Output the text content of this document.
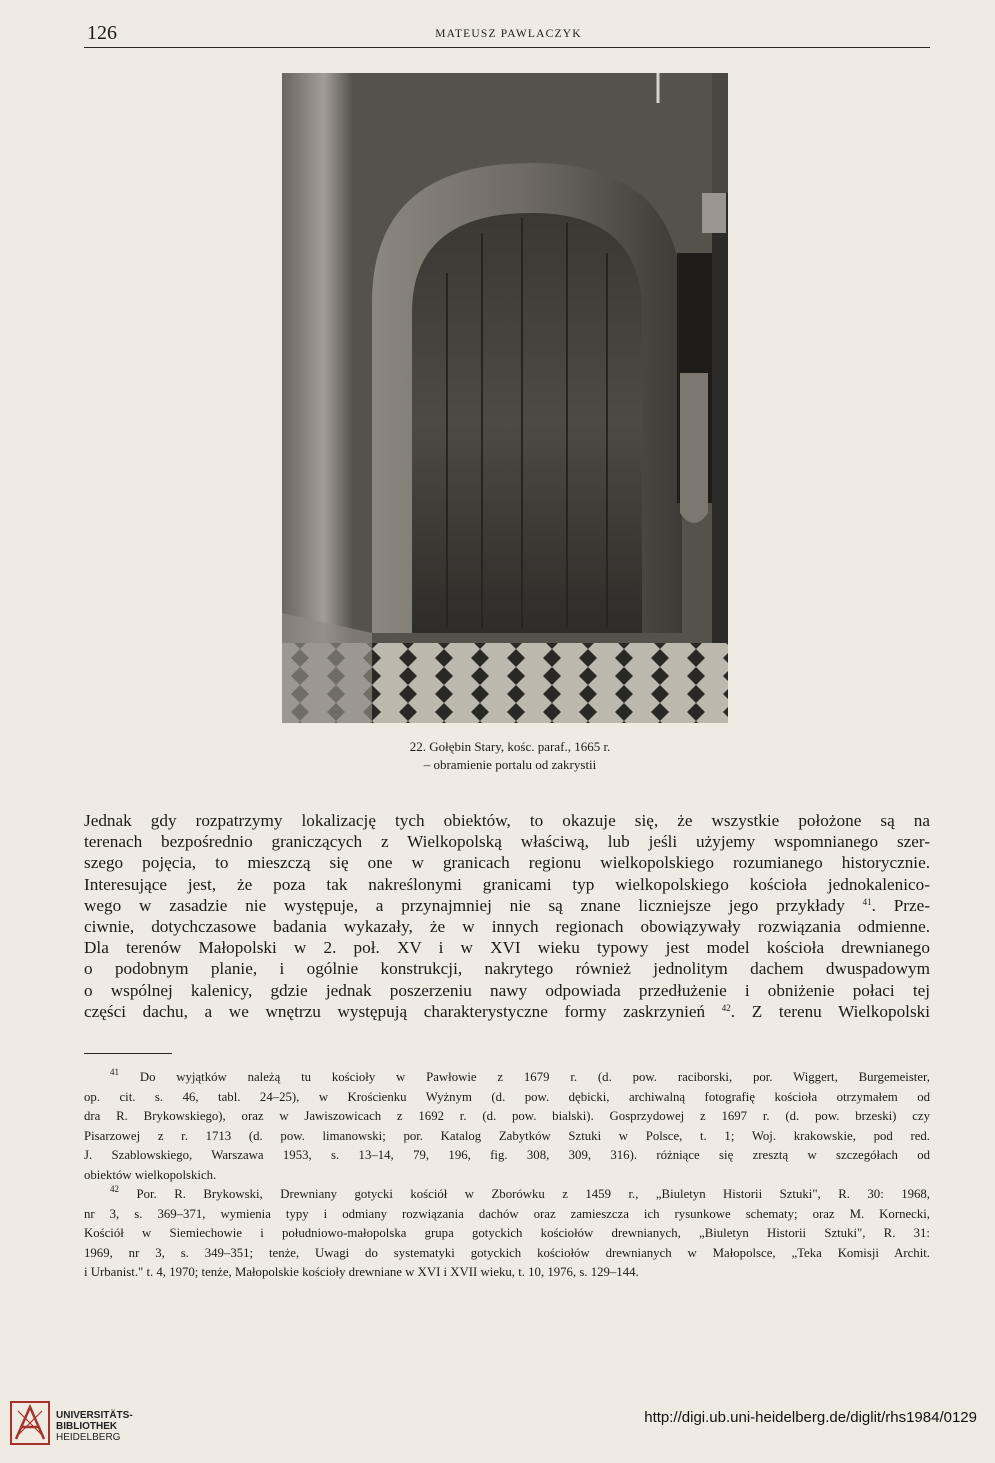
126	MATEUSZ PAWLACZYK
22. Gołębin Stary, kośc. paraf., 1665 r.
– obramienie portalu od zakrystii
Jednak gdy rozpatrzymy lokalizację tych obiektów, to okazuje się, że wszystkie położone są na
terenach bezpośrednio graniczących z Wielkopolską właściwą, lub jeśli użyjemy wspomnianego szer-
szego pojęcia, to mieszczą się one w granicach regionu wielkopolskiego rozumianego historycznie.
Interesujące jest, że poza tak nakreślonymi granicami typ wielkopolskiego kościoła jednokalenico-
wego w zasadzie nie występuje, a przynajmniej nie są znane liczniejsze jego przykłady $^{41}$. Prze-
ciwnie, dotychczasowe badania wykazały, że w innych regionach obowiązywały rozwiązania odmienne.
Dla terenów Małopolski w 2. poł. XV i w XVI wieku typowy jest model kościoła drewnianego
o podobnym planie, i ogólnie konstrukcji, nakrytego również jednolitym dachem dwuspadowym
o wspólnej kalenicy, gdzie jednak poszerzeniu nawy odpowiada przedłużenie i obniżenie połaci tej
części dachu, a we wnętrzu występują charakterystyczne formy zaskrzynień $^{42}$. Z terenu Wielkopolski
$^{41}$ Do wyjątków należą tu kościoły w Pawłowie z 1679 r. (d. pow. raciborski, por. Wiggert, Burgemeister,
op. cit. s. 46, tabl. 24–25), w Krościenku Wyżnym (d. pow. dębicki, archiwalną fotografię kościoła otrzymałem od
dra R. Brykowskiego), oraz w Jawiszowicach z 1692 r. (d. pow. bialski). Gosprzydowej z 1697 r. (d. pow. brzeski) czy
Pisarzowej z r. 1713 (d. pow. limanowski; por. Katalog Zabytków Sztuki w Polsce, t. 1; Woj. krakowskie, pod red.
J. Szablowskiego, Warszawa 1953, s. 13–14, 79, 196, fig. 308, 309, 316). różniące się zresztą w szczegółach od
obiektów wielkopolskich.
$^{42}$ Por. R. Brykowski, Drewniany gotycki kościół w Zborówku z 1459 r., „Biuletyn Historii Sztuki", R. 30: 1968,
nr 3, s. 369–371, wymienia typy i odmiany rozwiązania dachów oraz zamieszcza ich rysunkowe schematy; oraz M. Kornecki,
Kościół w Siemiechowie i południowo-małopolska grupa gotyckich kościołów drewnianych, „Biuletyn Historii Sztuki", R. 31:
1969, nr 3, s. 349–351; tenże, Uwagi do systematyki gotyckich kościołów drewnianych w Małopolsce, „Teka Komisji Archit.
i Urbanist." t. 4, 1970; tenże, Małopolskie kościoły drewniane w XVI i XVII wieku, t. 10, 1976, s. 129–144.
UNIVERSITÄTS-
BIBLIOTHEK
HEIDELBERG
http://digi.ub.uni-heidelberg.de/diglit/rhs1984/0129
